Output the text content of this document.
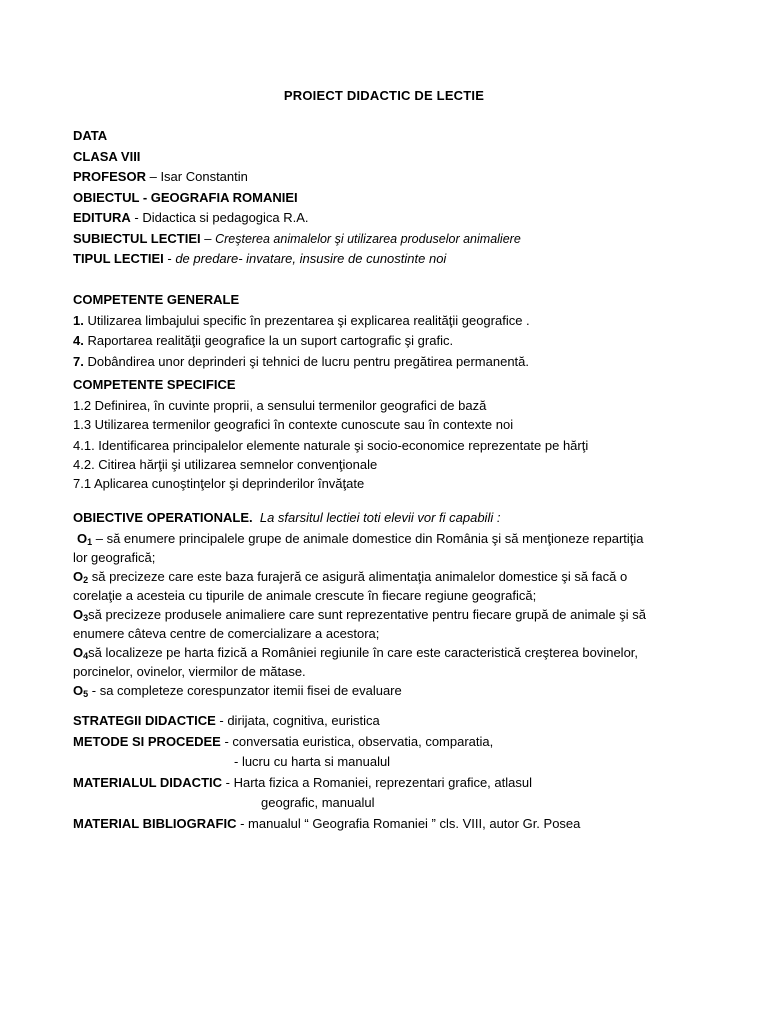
PROIECT DIDACTIC DE LECTIE
DATA
CLASA VIII
PROFESOR – Isar Constantin
OBIECTUL - GEOGRAFIA ROMANIEI
EDITURA - Didactica si pedagogica R.A.
SUBIECTUL LECTIEI – Creşterea animalelor şi utilizarea produselor animaliere
TIPUL LECTIEI - de predare- invatare, insusire de cunostinte noi
COMPETENTE GENERALE
1. Utilizarea limbajului specific în prezentarea şi explicarea realităţii geografice .
4. Raportarea realităţii geografice la un suport cartografic şi grafic.
7. Dobândirea unor deprinderi şi tehnici de lucru pentru pregătirea permanentă.
COMPETENTE SPECIFICE
1.2 Definirea, în cuvinte proprii, a sensului termenilor geografici de bază
1.3 Utilizarea termenilor geografici în contexte cunoscute sau în contexte noi
4.1. Identificarea principalelor elemente naturale şi socio-economice reprezentate pe hărţi
4.2. Citirea hărţii şi utilizarea semnelor convenţionale
7.1 Aplicarea cunoştinţelor şi deprinderilor învăţate
OBIECTIVE OPERATIONALE. La sfarsitul lectiei toti elevii vor fi capabili :
$O_1$ – să enumere principalele grupe de animale domestice din România şi să menţioneze repartiţia
lor geografică;
$O_2$ să precizeze care este baza furajeră ce asigură alimentaţia animalelor domestice şi să facă o
corelaţie a acesteia cu tipurile de animale crescute în fiecare regiune geografică;
$O_3să$ precizeze produsele animaliere care sunt reprezentative pentru fiecare grupă de animale şi să
enumere câteva centre de comercializare a acestora;
$O_4să$ localizeze pe harta fizică a României regiunile în care este caracteristică creşterea bovinelor,
porcinelor, ovinelor, viermilor de mătase.
$O_5$ - sa completeze corespunzator itemii fisei de evaluare
STRATEGII DIDACTICE - dirijata, cognitiva, euristica
METODE SI PROCEDEE - conversatia euristica, observatia, comparatia,
- lucru cu harta si manualul
MATERIALUL DIDACTIC - Harta fizica a Romaniei, reprezentari grafice, atlasul
geografic, manualul
MATERIAL BIBLIOGRAFIC - manualul “ Geografia Romaniei ” cls. VIII, autor Gr. Posea
